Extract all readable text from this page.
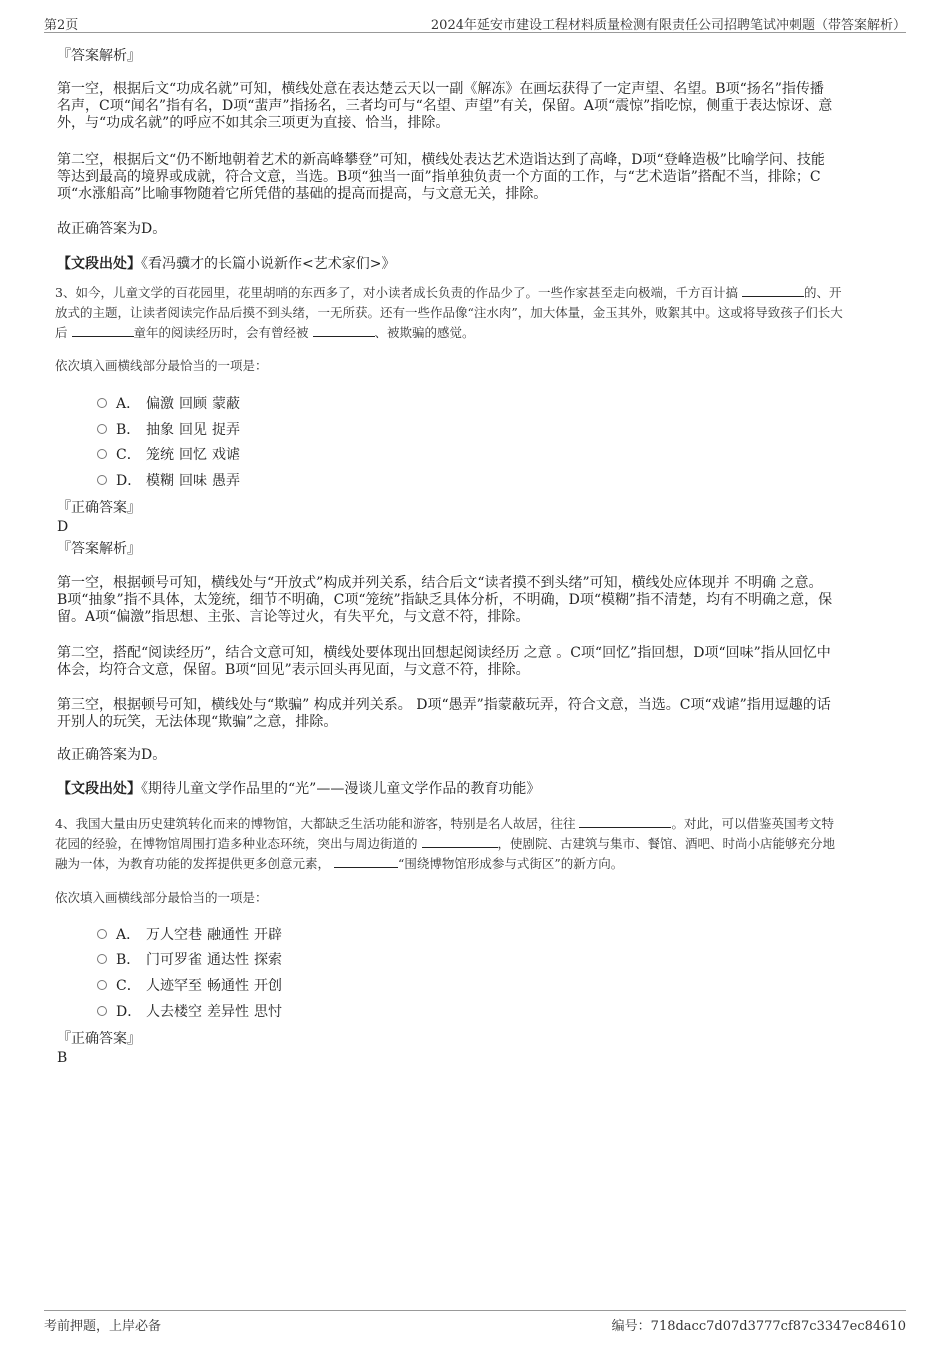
第2页	2024年延安市建设工程材料质量检测有限责任公司招聘笔试冲刺题（带答案解析）
『答案解析』
第一空，根据后文“功成名就”可知，横线处意在表达楚云天以一副《解冻》在画坛获得了一定声望、名望。B项“扬名”指传播
名声，C项“闻名”指有名，D项“蜚声”指扬名，三者均可与“名望、声望”有关，保留。A项“震惊”指吃惊，侧重于表达惊讶、意
外，与“功成名就”的呼应不如其余三项更为直接、恰当，排除。
第二空，根据后文“仍不断地朝着艺术的新高峰攀登”可知，横线处表达艺术造诣达到了高峰，D项“登峰造极”比喻学问、技能
等达到最高的境界或成就，符合文意，当选。B项“独当一面”指单独负责一个方面的工作，与“艺术造诣”搭配不当，排除；C
项“水涨船高”比喻事物随着它所凭借的基础的提高而提高，与文意无关，排除。
故正确答案为D。
【文段出处】《看冯骥才的长篇小说新作<艺术家们>》
3、如今，儿童文学的百花园里，花里胡哨的东西多了，对小读者成长负责的作品少了。一些作家甚至走向极端，千方百计搞	的、开
放式的主题，让读者阅读完作品后摸不到头绪，一无所获。还有一些作品像“注水肉”，加大体量，金玉其外，败絮其中。这或将导致孩子们长大
后	童年的阅读经历时，会有曾经被	、被欺骗的感觉。
依次填入画横线部分最恰当的一项是：
A． 偏激 回顾 蒙蔽
B． 抽象 回见 捉弄
C． 笼统 回忆 戏谑
D． 模糊 回味 愚弄
『正确答案』
D
『答案解析』
第一空，根据顿号可知，横线处与“开放式”构成并列关系，结合后文“读者摸不到头绪”可知，横线处应体现并 不明确 之意。
B项“抽象”指不具体，太笼统，细节不明确，C项“笼统”指缺乏具体分析，不明确，D项“模糊”指不清楚，均有不明确之意，保
留。A项“偏激”指思想、主张、言论等过火，有失平允，与文意不符，排除。
第二空，搭配“阅读经历”，结合文意可知，横线处要体现出回想起阅读经历 之意 。C项“回忆”指回想，D项“回味”指从回忆中
体会，均符合文意，保留。B项“回见”表示回头再见面，与文意不符，排除。
第三空，根据顿号可知，横线处与“欺骗” 构成并列关系。 D项“愚弄”指蒙蔽玩弄，符合文意，当选。C项“戏谑”指用逗趣的话
开别人的玩笑，无法体现“欺骗”之意，排除。
故正确答案为D。
【文段出处】《期待儿童文学作品里的“光”——漫谈儿童文学作品的教育功能》
4、我国大量由历史建筑转化而来的博物馆，大都缺乏生活功能和游客，特别是名人故居，往往	。对此，可以借鉴英国考文特
花园的经验，在博物馆周围打造多种业态环统，突出与周边街道的	，使剧院、古建筑与集市、餐馆、酒吧、时尚小店能够充分地
融为一体，为教育功能的发挥提供更多创意元素，	“围绕博物馆形成参与式街区”的新方向。
依次填入画横线部分最恰当的一项是：
A． 万人空巷 融通性 开辟
B． 门可罗雀 通达性 探索
C． 人迹罕至 畅通性 开创
D． 人去楼空 差异性 思忖
『正确答案』
B
考前押题，上岸必备	编号：718dacc7d07d3777cf87c3347ec84610
